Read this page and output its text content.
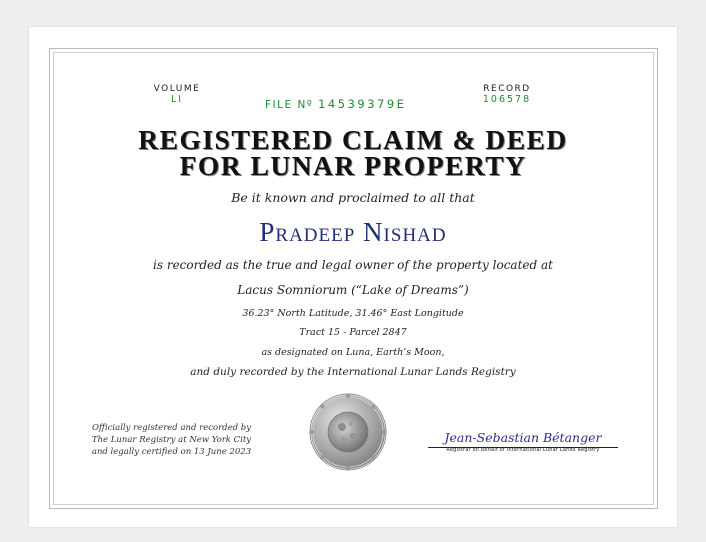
VOLUME
LI	FILE Nº 14539379E
RECORD
106578
REGISTERED CLAIM & DEED
FOR LUNAR PROPERTY
Be it known and proclaimed to all that
Pradeep Nishad
is recorded as the true and legal owner of the property located at
Lacus Somniorum (“Lake of Dreams”)
36.23° North Latitude, 31.46° East Longitude
Tract 15 - Parcel 2847
as designated on Luna, Earth’s Moon,
and duly recorded by the International Lunar Lands Registry
Officially registered and recorded by
The Lunar Registry at New York City
and legally certified on 13 June 2023
Jean-Sebastian Bétanger
Registrar on behalf of International Lunar Lands Registry
